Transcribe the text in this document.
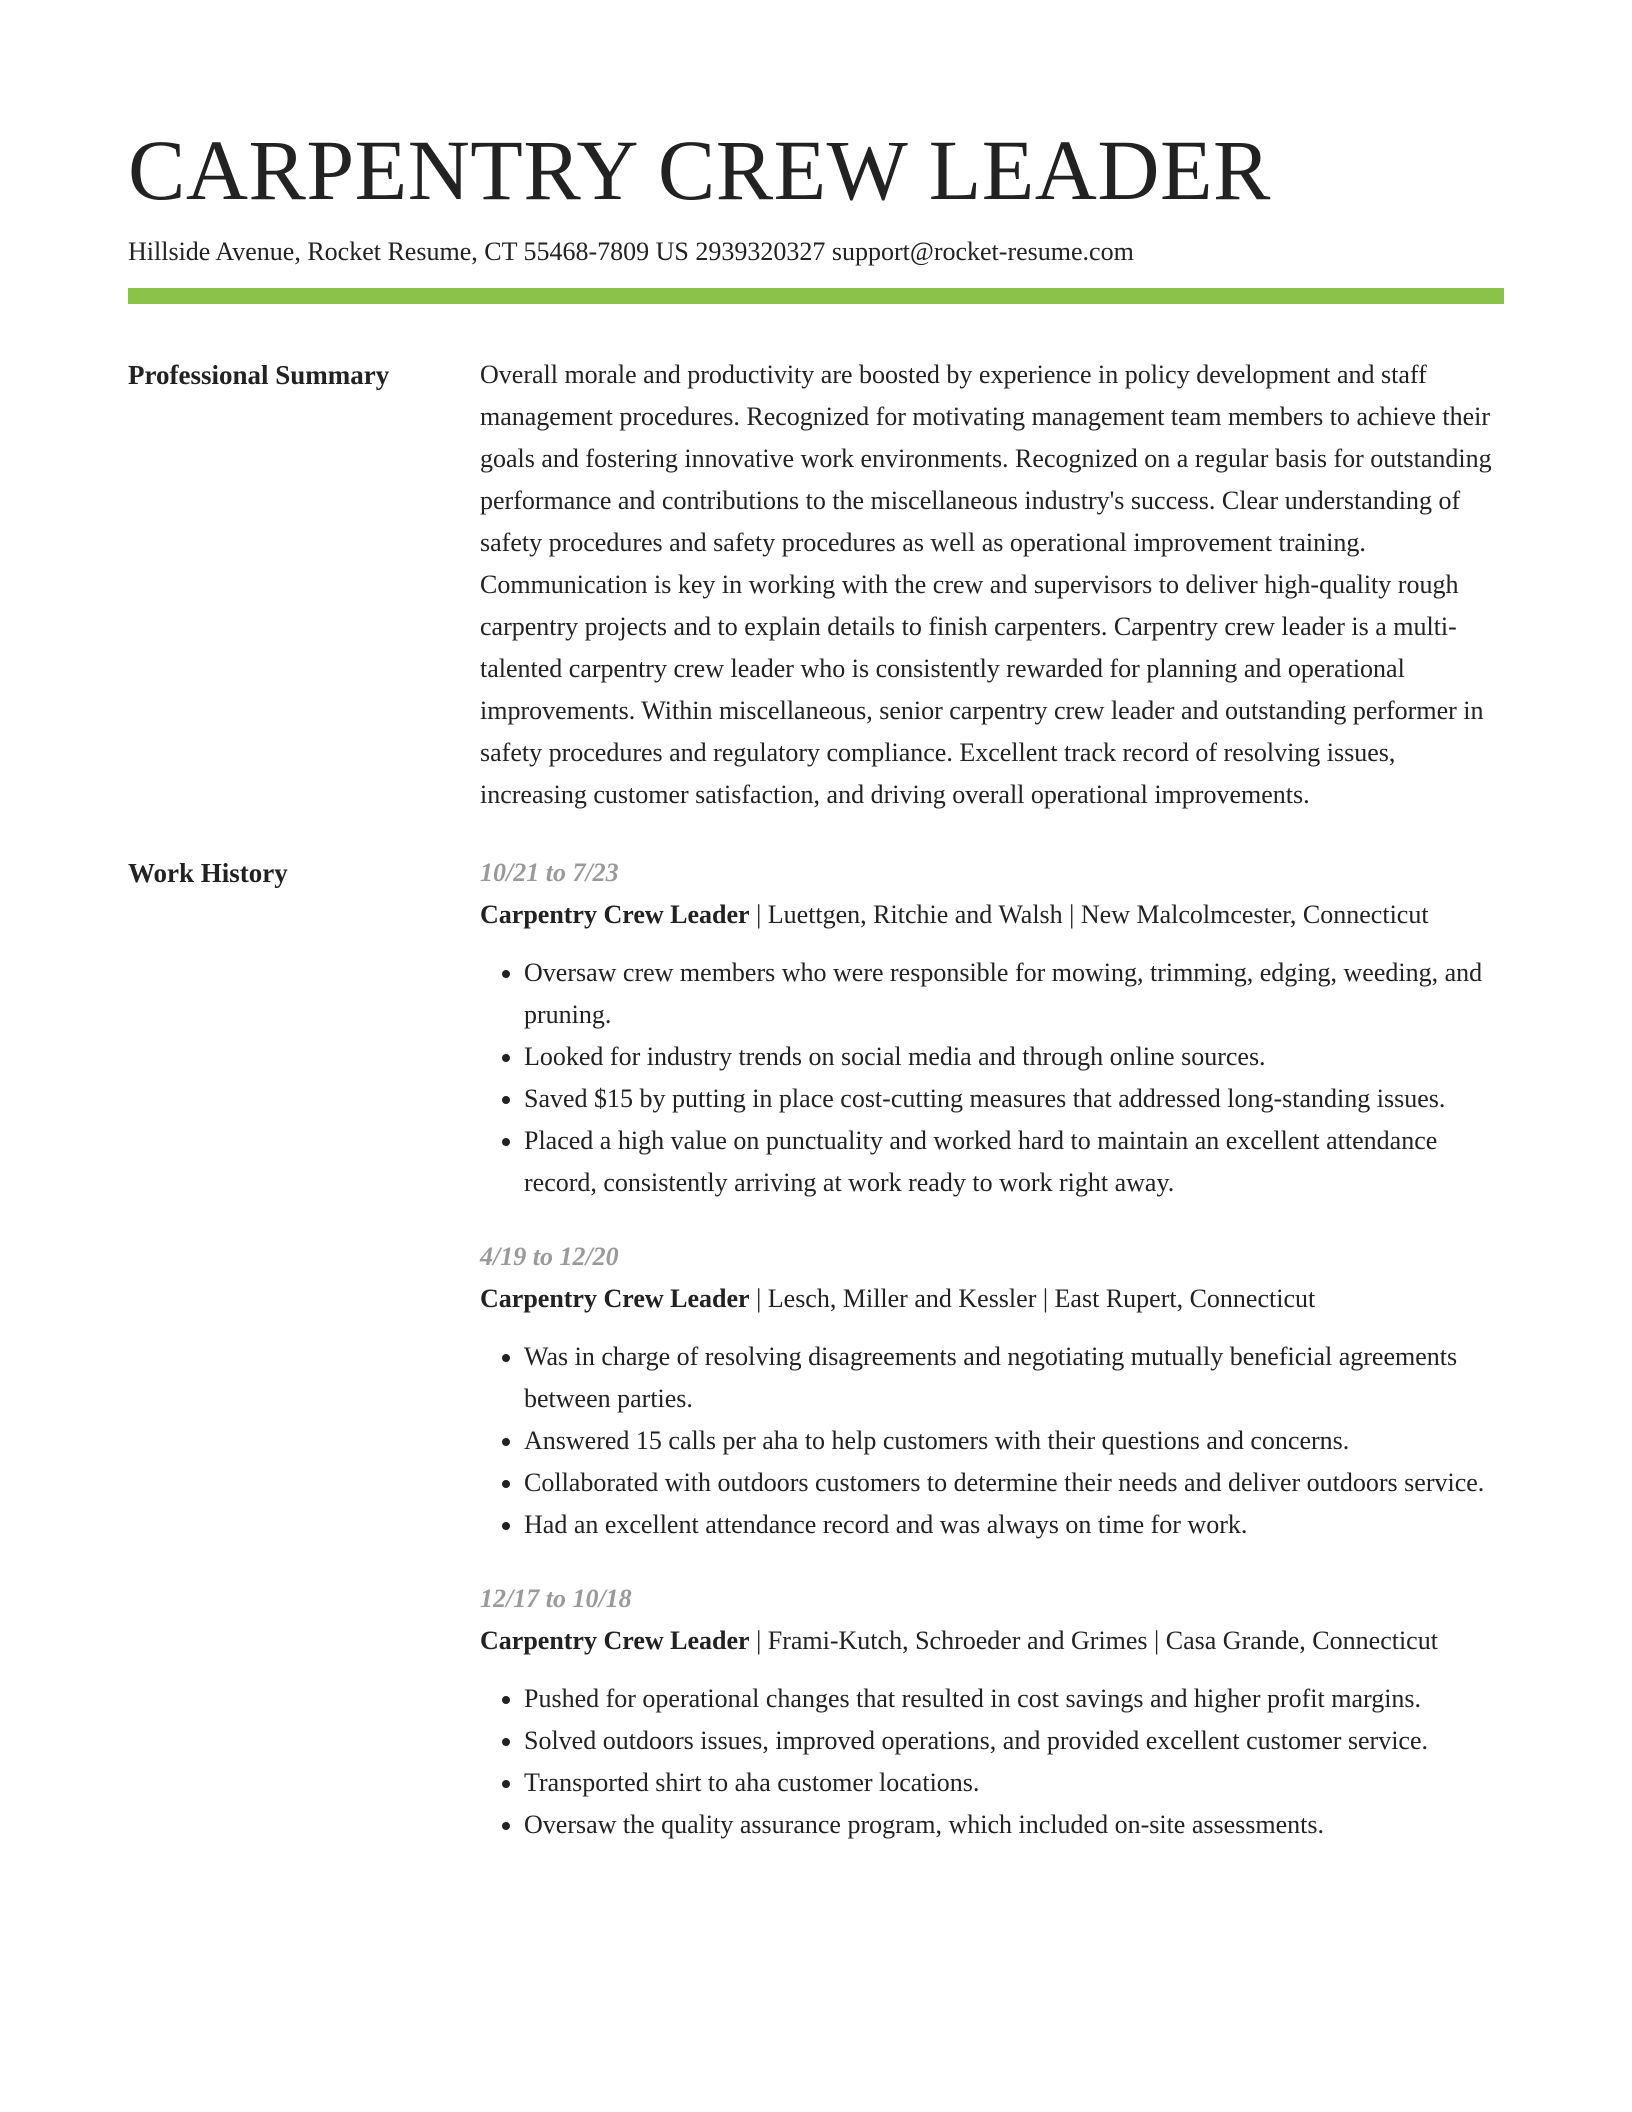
CARPENTRY CREW LEADER
Hillside Avenue, Rocket Resume, CT 55468-7809 US 2939320327 support@rocket-resume.com
Professional Summary	Overall morale and productivity are boosted by experience in policy development and staff management procedures. Recognized for motivating management team members to achieve their goals and fostering innovative work environments. Recognized on a regular basis for outstanding performance and contributions to the miscellaneous industry's success. Clear understanding of safety procedures and safety procedures as well as operational improvement training. Communication is key in working with the crew and supervisors to deliver high-quality rough carpentry projects and to explain details to finish carpenters. Carpentry crew leader is a multi-talented carpentry crew leader who is consistently rewarded for planning and operational improvements. Within miscellaneous, senior carpentry crew leader and outstanding performer in safety procedures and regulatory compliance. Excellent track record of resolving issues, increasing customer satisfaction, and driving overall operational improvements.

Work History	10/21 to 7/23
Carpentry Crew Leader | Luettgen, Ritchie and Walsh | New Malcolmcester, Connecticut
• Oversaw crew members who were responsible for mowing, trimming, edging, weeding, and pruning.
• Looked for industry trends on social media and through online sources.
• Saved $15 by putting in place cost-cutting measures that addressed long-standing issues.
• Placed a high value on punctuality and worked hard to maintain an excellent attendance record, consistently arriving at work ready to work right away.
4/19 to 12/20
Carpentry Crew Leader | Lesch, Miller and Kessler | East Rupert, Connecticut
• Was in charge of resolving disagreements and negotiating mutually beneficial agreements between parties.
• Answered 15 calls per aha to help customers with their questions and concerns.
• Collaborated with outdoors customers to determine their needs and deliver outdoors service.
• Had an excellent attendance record and was always on time for work.
12/17 to 10/18
Carpentry Crew Leader | Frami-Kutch, Schroeder and Grimes | Casa Grande, Connecticut
• Pushed for operational changes that resulted in cost savings and higher profit margins.
• Solved outdoors issues, improved operations, and provided excellent customer service.
• Transported shirt to aha customer locations.
• Oversaw the quality assurance program, which included on-site assessments.
